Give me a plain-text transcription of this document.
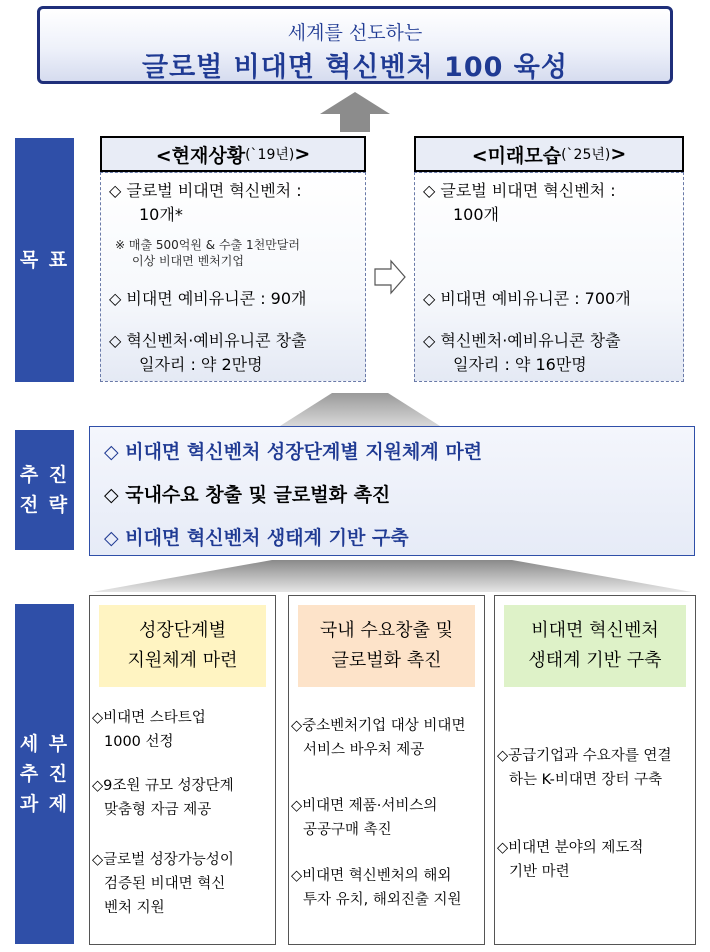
세계를 선도하는
글로벌 비대면 혁신벤처 100 육성
목 표
<현재상황 (`19년) >
◇ 글로벌 비대면 혁신벤처 :
10개*
※ 매출 500억원 & 수출 1천만달러
이상 비대면 벤처기업
◇ 비대면 예비유니콘 : 90개
◇ 혁신벤처·예비유니콘 창출
일자리 : 약 2만명
<미래모습 (`25년) >
◇ 글로벌 비대면 혁신벤처 :
100개
◇ 비대면 예비유니콘 : 700개
◇ 혁신벤처·예비유니콘 창출
일자리 : 약 16만명
추 진
전 략
◇ 비대면 혁신벤처 성장단계별 지원체계 마련
◇ 국내수요 창출 및 글로벌화 촉진
◇ 비대면 혁신벤처 생태계 기반 구축
세 부
추 진
과 제
성장단계별
지원체계 마련
◇비대면 스타트업
1000 선정
◇9조원 규모 성장단계
맞춤형 자금 제공
◇글로벌 성장가능성이
검증된 비대면 혁신
벤처 지원
국내 수요창출 및
글로벌화 촉진
◇중소벤처기업 대상 비대면
서비스 바우처 제공
◇비대면 제품·서비스의
공공구매 촉진
◇비대면 혁신벤처의 해외
투자 유치, 해외진출 지원
비대면 혁신벤처
생태계 기반 구축
◇공급기업과 수요자를 연결
하는 K-비대면 장터 구축
◇비대면 분야의 제도적
기반 마련
